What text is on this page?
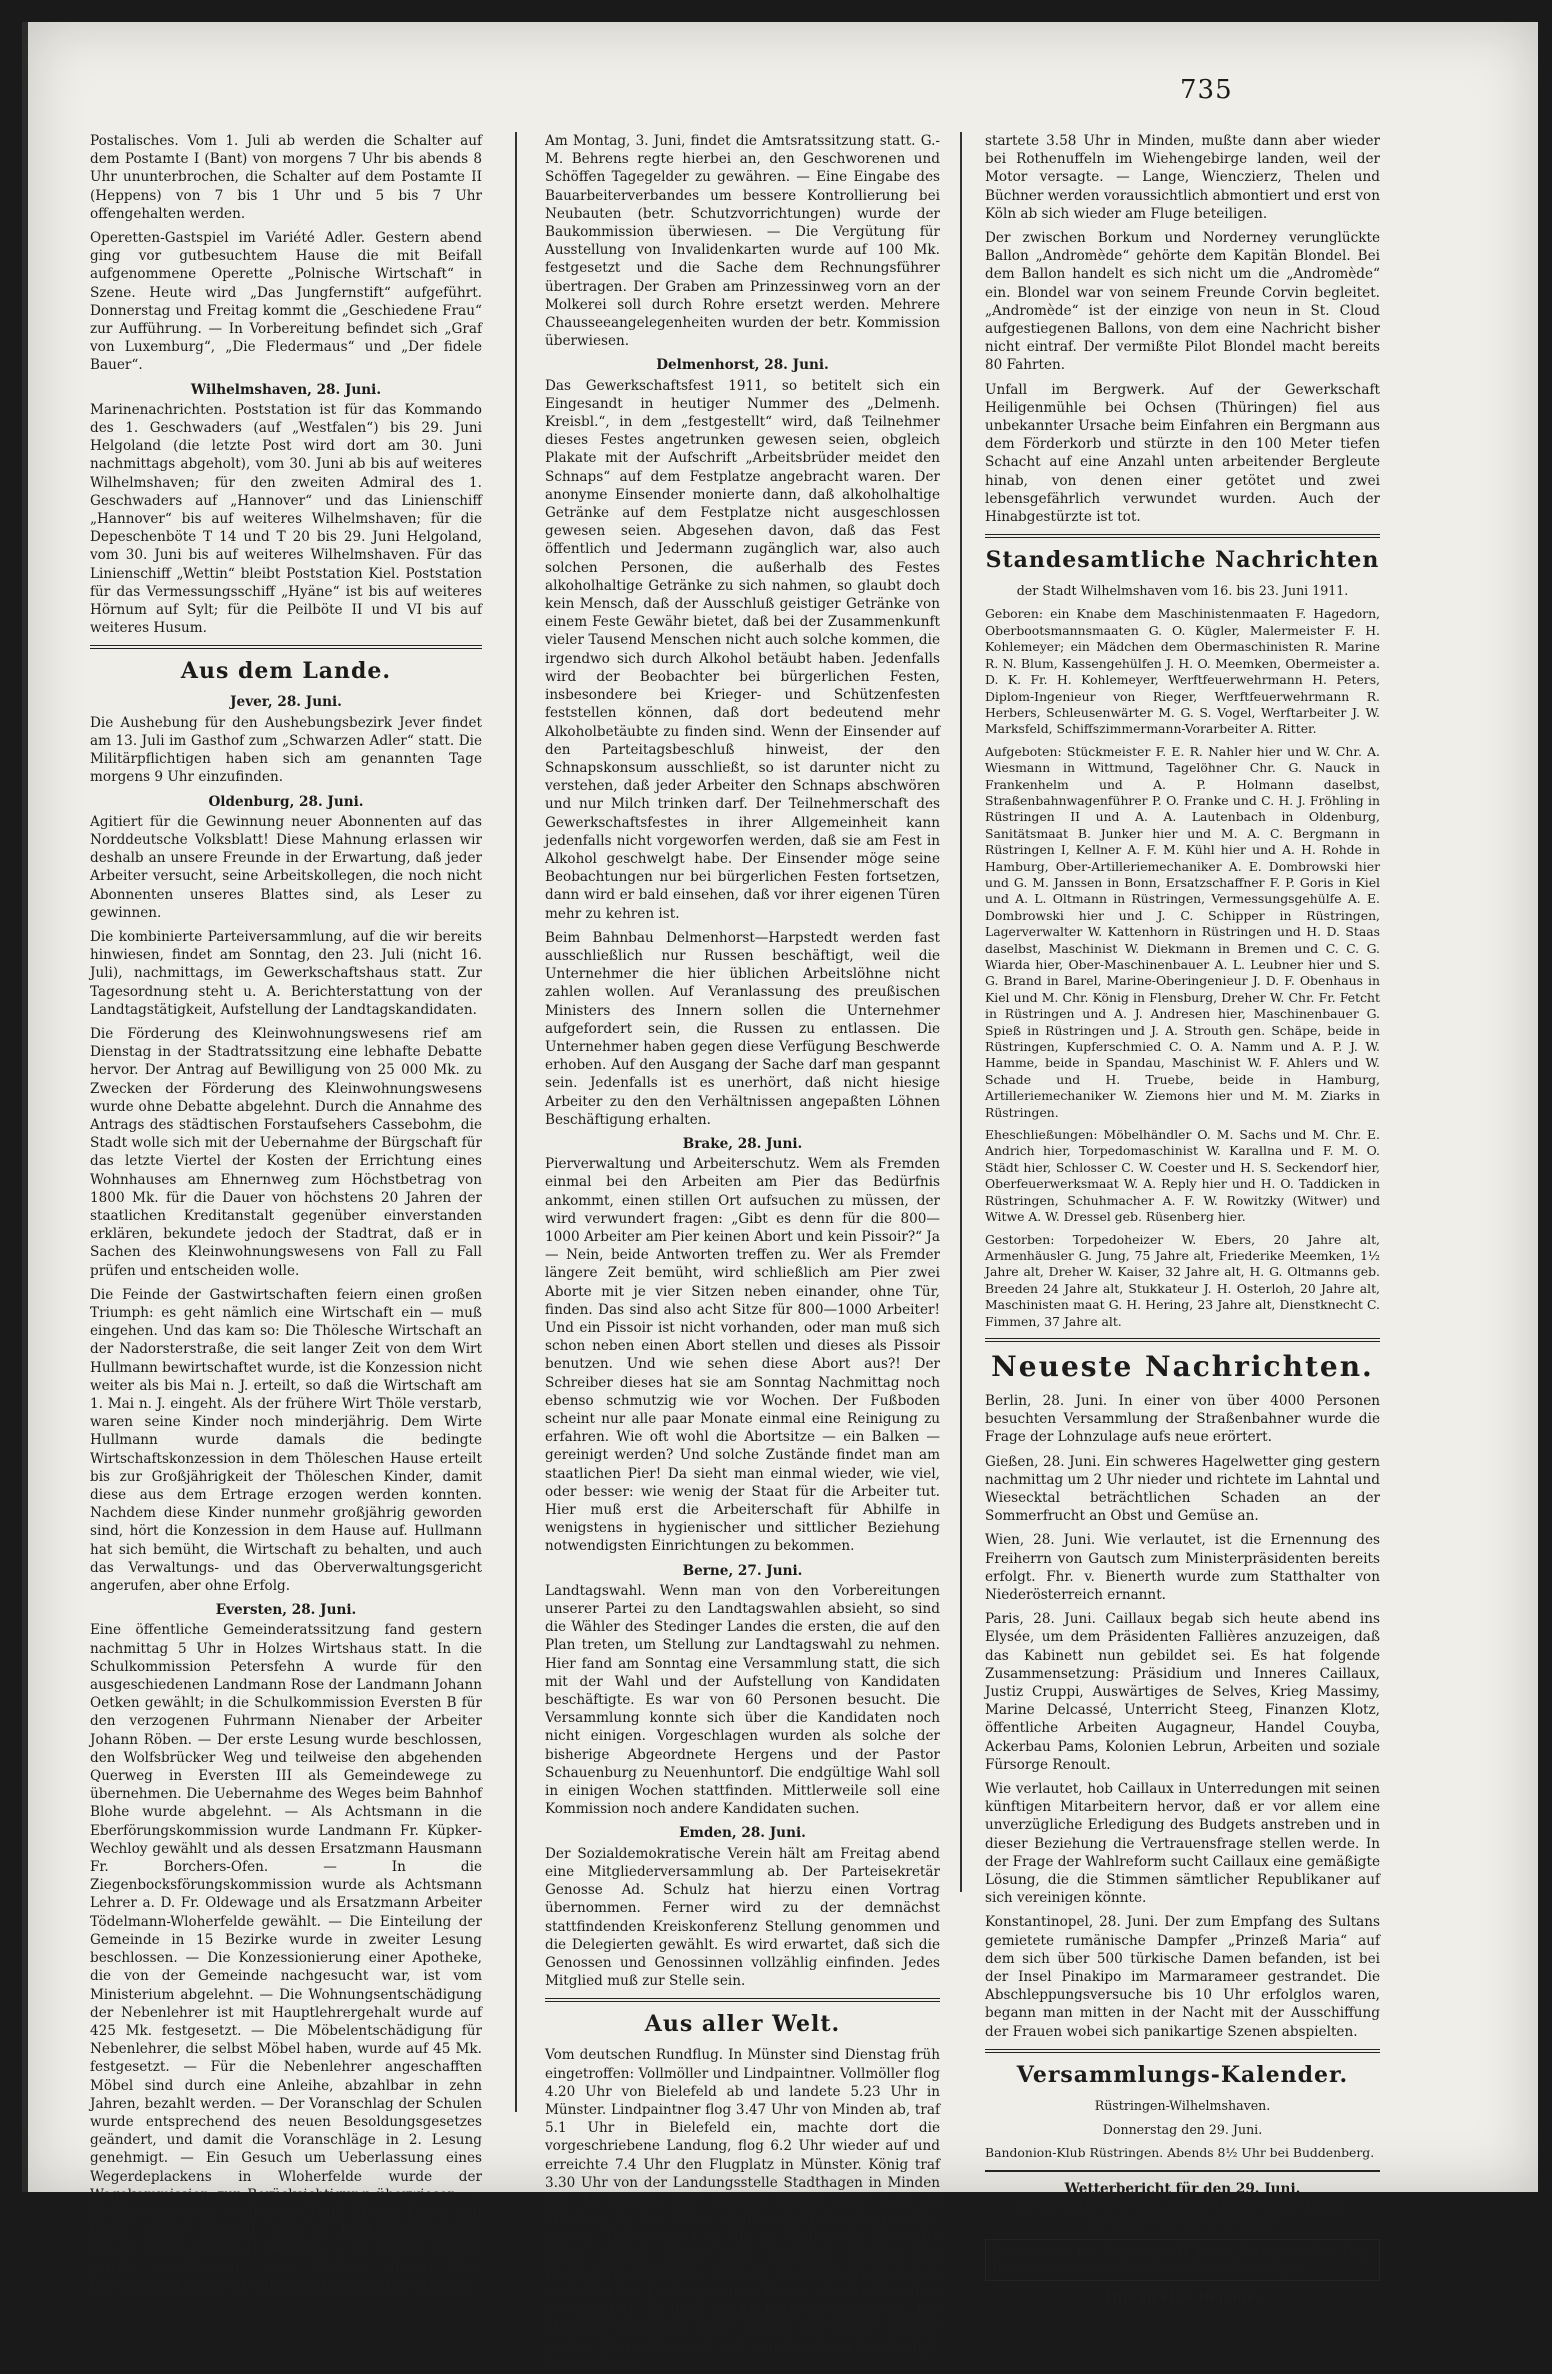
735

Postalisches. Vom 1. Juli ab werden die Schalter auf dem Postamte I (Bant) von morgens 7 Uhr bis abends 8 Uhr ununterbrochen, die Schalter auf dem Postamte II (Heppens) von 7 bis 1 Uhr und 5 bis 7 Uhr offengehalten werden.

Operetten-Gastspiel im Variété Adler. Gestern abend ging vor gutbesuchtem Hause die mit Beifall aufgenommene Operette „Polnische Wirtschaft“ in Szene. Heute wird „Das Jungfernstift“ aufgeführt. Donnerstag und Freitag kommt die „Geschiedene Frau“ zur Aufführung. — In Vorbereitung befindet sich „Graf von Luxemburg“, „Die Fledermaus“ und „Der fidele Bauer“.

Wilhelmshaven, 28. Juni.

Marinenachrichten. Poststation ist für das Kommando des 1. Geschwaders (auf „Westfalen“) bis 29. Juni Helgoland (die letzte Post wird dort am 30. Juni nachmittags abgeholt), vom 30. Juni ab bis auf weiteres Wilhelmshaven; für den zweiten Admiral des 1. Geschwaders auf „Hannover“ und das Linienschiff „Hannover“ bis auf weiteres Wilhelmshaven; für die Depeschenböte T 14 und T 20 bis 29. Juni Helgoland, vom 30. Juni bis auf weiteres Wilhelmshaven. Für das Linienschiff „Wettin“ bleibt Poststation Kiel. Poststation für das Vermessungsschiff „Hyäne“ ist bis auf weiteres Hörnum auf Sylt; für die Peilböte II und VI bis auf weiteres Husum.

Aus dem Lande.
Jever, 28. Juni.

Die Aushebung für den Aushebungsbezirk Jever findet am 13. Juli im Gasthof zum „Schwarzen Adler“ statt. Die Militärpflichtigen haben sich am genannten Tage morgens 9 Uhr einzufinden.

Oldenburg, 28. Juni.

Agitiert für die Gewinnung neuer Abonnenten auf das Norddeutsche Volksblatt! Diese Mahnung erlassen wir deshalb an unsere Freunde in der Erwartung, daß jeder Arbeiter versucht, seine Arbeitskollegen, die noch nicht Abonnenten unseres Blattes sind, als Leser zu gewinnen.

Die kombinierte Parteiversammlung, auf die wir bereits hinwiesen, findet am Sonntag, den 23. Juli (nicht 16. Juli), nachmittags, im Gewerkschaftshaus statt. Zur Tagesordnung steht u. A. Berichterstattung von der Landtagstätigkeit, Aufstellung der Landtagskandidaten.

Die Förderung des Kleinwohnungswesens rief am Dienstag in der Stadtratssitzung eine lebhafte Debatte hervor. Der Antrag auf Bewilligung von 25 000 Mk. zu Zwecken der Förderung des Kleinwohnungswesens wurde ohne Debatte abgelehnt. Durch die Annahme des Antrags des städtischen Forstaufsehers Cassebohm, die Stadt wolle sich mit der Uebernahme der Bürgschaft für das letzte Viertel der Kosten der Errichtung eines Wohnhauses am Ehnernweg zum Höchstbetrag von 1800 Mk. für die Dauer von höchstens 20 Jahren der staatlichen Kreditanstalt gegenüber einverstanden erklären, bekundete jedoch der Stadtrat, daß er in Sachen des Kleinwohnungswesens von Fall zu Fall prüfen und entscheiden wolle.

Die Feinde der Gastwirtschaften feiern einen großen Triumph: es geht nämlich eine Wirtschaft ein — muß eingehen. Und das kam so: Die Thölesche Wirtschaft an der Nadorsterstraße, die seit langer Zeit von dem Wirt Hullmann bewirtschaftet wurde, ist die Konzession nicht weiter als bis Mai n. J. erteilt, so daß die Wirtschaft am 1. Mai n. J. eingeht. Als der frühere Wirt Thöle verstarb, waren seine Kinder noch minderjährig. Dem Wirte Hullmann wurde damals die bedingte Wirtschaftskonzession in dem Thöleschen Hause erteilt bis zur Großjährigkeit der Thöleschen Kinder, damit diese aus dem Ertrage erzogen werden konnten. Nachdem diese Kinder nunmehr großjährig geworden sind, hört die Konzession in dem Hause auf. Hullmann hat sich bemüht, die Wirtschaft zu behalten, und auch das Verwaltungs- und das Oberverwaltungsgericht angerufen, aber ohne Erfolg.

Eversten, 28. Juni.

Eine öffentliche Gemeinderatssitzung fand gestern nachmittag 5 Uhr in Holzes Wirtshaus statt. In die Schulkommission Petersfehn A wurde für den ausgeschiedenen Landmann Rose der Landmann Johann Oetken gewählt; in die Schulkommission Eversten B für den verzogenen Fuhrmann Nienaber der Arbeiter Johann Röben. — Der erste Lesung wurde beschlossen, den Wolfsbrücker Weg und teilweise den abgehenden Querweg in Eversten III als Gemeindewege zu übernehmen. Die Uebernahme des Weges beim Bahnhof Blohe wurde abgelehnt. — Als Achtsmann in die Eberförungskommission wurde Landmann Fr. Küpker-Wechloy gewählt und als dessen Ersatzmann Hausmann Fr. Borchers-Ofen. — In die Ziegenbocksförungskommission wurde als Achtsmann Lehrer a. D. Fr. Oldewage und als Ersatzmann Arbeiter Tödelmann-Wloherfelde gewählt. — Die Einteilung der Gemeinde in 15 Bezirke wurde in zweiter Lesung beschlossen. — Die Konzessionierung einer Apotheke, die von der Gemeinde nachgesucht war, ist vom Ministerium abgelehnt. — Die Wohnungsentschädigung der Nebenlehrer ist mit Hauptlehrergehalt wurde auf 425 Mk. festgesetzt. — Die Möbelentschädigung für Nebenlehrer, die selbst Möbel haben, wurde auf 45 Mk. festgesetzt. — Für die Nebenlehrer angeschafften Möbel sind durch eine Anleihe, abzahlbar in zehn Jahren, bezahlt werden. — Der Voranschlag der Schulen wurde entsprechend des neuen Besoldungsgesetzes geändert, und damit die Voranschläge in 2. Lesung genehmigt. — Ein Gesuch um Ueberlassung eines Wegerdeplackens in Wloherfelde wurde der Wegekommission zur Berücksichtigung überwiesen. — Zu Kassenprüfern wurden die Mitgl. Herm. Kaiser und Diedr. Meyer gewählt, und zu Rechnungsrevisoren Johann Helms und Carl Behrens. — In zweiter Lesung wurde beschlossen, den Graben durch Neu-Friedrichsfehn zum öffentlichen Wasserzug zu erheben.

Am Montag, 3. Juni, findet die Amtsratssitzung statt. G.-M. Behrens regte hierbei an, den Geschworenen und Schöffen Tagegelder zu gewähren. — Eine Eingabe des Bauarbeiterverbandes um bessere Kontrollierung bei Neubauten (betr. Schutzvorrichtungen) wurde der Baukommission überwiesen. — Die Vergütung für Ausstellung von Invalidenkarten wurde auf 100 Mk. festgesetzt und die Sache dem Rechnungsführer übertragen. Der Graben am Prinzessinweg vorn an der Molkerei soll durch Rohre ersetzt werden. Mehrere Chausseeangelegenheiten wurden der betr. Kommission überwiesen.

Delmenhorst, 28. Juni.

Das Gewerkschaftsfest 1911, so betitelt sich ein Eingesandt in heutiger Nummer des „Delmenh. Kreisbl.“, in dem „festgestellt“ wird, daß Teilnehmer dieses Festes angetrunken gewesen seien, obgleich Plakate mit der Aufschrift „Arbeitsbrüder meidet den Schnaps“ auf dem Festplatze angebracht waren. Der anonyme Einsender monierte dann, daß alkoholhaltige Getränke auf dem Festplatze nicht ausgeschlossen gewesen seien. Abgesehen davon, daß das Fest öffentlich und Jedermann zugänglich war, also auch solchen Personen, die außerhalb des Festes alkoholhaltige Getränke zu sich nahmen, so glaubt doch kein Mensch, daß der Ausschluß geistiger Getränke von einem Feste Gewähr bietet, daß bei der Zusammenkunft vieler Tausend Menschen nicht auch solche kommen, die irgendwo sich durch Alkohol betäubt haben. Jedenfalls wird der Beobachter bei bürgerlichen Festen, insbesondere bei Krieger- und Schützenfesten feststellen können, daß dort bedeutend mehr Alkoholbetäubte zu finden sind. Wenn der Einsender auf den Parteitagsbeschluß hinweist, der den Schnapskonsum ausschließt, so ist darunter nicht zu verstehen, daß jeder Arbeiter den Schnaps abschwören und nur Milch trinken darf. Der Teilnehmerschaft des Gewerkschaftsfestes in ihrer Allgemeinheit kann jedenfalls nicht vorgeworfen werden, daß sie am Fest in Alkohol geschwelgt habe. Der Einsender möge seine Beobachtungen nur bei bürgerlichen Festen fortsetzen, dann wird er bald einsehen, daß vor ihrer eigenen Türen mehr zu kehren ist.

Beim Bahnbau Delmenhorst—Harpstedt werden fast ausschließlich nur Russen beschäftigt, weil die Unternehmer die hier üblichen Arbeitslöhne nicht zahlen wollen. Auf Veranlassung des preußischen Ministers des Innern sollen die Unternehmer aufgefordert sein, die Russen zu entlassen. Die Unternehmer haben gegen diese Verfügung Beschwerde erhoben. Auf den Ausgang der Sache darf man gespannt sein. Jedenfalls ist es unerhört, daß nicht hiesige Arbeiter zu den den Verhältnissen angepaßten Löhnen Beschäftigung erhalten.

Brake, 28. Juni.

Pierverwaltung und Arbeiterschutz. Wem als Fremden einmal bei den Arbeiten am Pier das Bedürfnis ankommt, einen stillen Ort aufsuchen zu müssen, der wird verwundert fragen: „Gibt es denn für die 800—1000 Arbeiter am Pier keinen Abort und kein Pissoir?“ Ja — Nein, beide Antworten treffen zu. Wer als Fremder längere Zeit bemüht, wird schließlich am Pier zwei Aborte mit je vier Sitzen neben einander, ohne Tür, finden. Das sind also acht Sitze für 800—1000 Arbeiter! Und ein Pissoir ist nicht vorhanden, oder man muß sich schon neben einen Abort stellen und dieses als Pissoir benutzen. Und wie sehen diese Abort aus?! Der Schreiber dieses hat sie am Sonntag Nachmittag noch ebenso schmutzig wie vor Wochen. Der Fußboden scheint nur alle paar Monate einmal eine Reinigung zu erfahren. Wie oft wohl die Abortsitze — ein Balken — gereinigt werden? Und solche Zustände findet man am staatlichen Pier! Da sieht man einmal wieder, wie viel, oder besser: wie wenig der Staat für die Arbeiter tut. Hier muß erst die Arbeiterschaft für Abhilfe in wenigstens in hygienischer und sittlicher Beziehung notwendigsten Einrichtungen zu bekommen.

Berne, 27. Juni.

Landtagswahl. Wenn man von den Vorbereitungen unserer Partei zu den Landtagswahlen absieht, so sind die Wähler des Stedinger Landes die ersten, die auf den Plan treten, um Stellung zur Landtagswahl zu nehmen. Hier fand am Sonntag eine Versammlung statt, die sich mit der Wahl und der Aufstellung von Kandidaten beschäftigte. Es war von 60 Personen besucht. Die Versammlung konnte sich über die Kandidaten noch nicht einigen. Vorgeschlagen wurden als solche der bisherige Abgeordnete Hergens und der Pastor Schauenburg zu Neuenhuntorf. Die endgültige Wahl soll in einigen Wochen stattfinden. Mittlerweile soll eine Kommission noch andere Kandidaten suchen.

Emden, 28. Juni.

Der Sozialdemokratische Verein hält am Freitag abend eine Mitgliederversammlung ab. Der Parteisekretär Genosse Ad. Schulz hat hierzu einen Vortrag übernommen. Ferner wird zu der demnächst stattfindenden Kreiskonferenz Stellung genommen und die Delegierten gewählt. Es wird erwartet, daß sich die Genossen und Genossinnen vollzählig einfinden. Jedes Mitglied muß zur Stelle sein.

Aus aller Welt.

Vom deutschen Rundflug. In Münster sind Dienstag früh eingetroffen: Vollmöller und Lindpaintner. Vollmöller flog 4.20 Uhr von Bielefeld ab und landete 5.23 Uhr in Münster. Lindpaintner flog 3.47 Uhr von Minden ab, traf 5.1 Uhr in Bielefeld ein, machte dort die vorgeschriebene Landung, flog 6.2 Uhr wieder auf und erreichte 7.4 Uhr den Flugplatz in Münster. König traf 3.30 Uhr von der Landungsstelle Stadthagen in Minden ein. Er verließ 3.57 Minden, kehrte aber nach 20 Minuten, da der Motor nicht ordentlich gehen wollte, zurück. Thelen traf 4.34 Uhr in Minden ein. Er wollte sofort weiter, mußte aber zwischen Minden und Bielefeld niedergehen, weil der Motor plötzlich stehen blieb. Bei der Landung wurde Thelen aus der Maschine geschleudert. Er blieb glücklicherweise unverletzt. Die Maschine lief noch ohne Thelen eine kurze Strecke weiter, überschlug sich und wurde schwer beschädigt. Schauenburg

startete 3.58 Uhr in Minden, mußte dann aber wieder bei Rothenuffeln im Wiehengebirge landen, weil der Motor versagte. — Lange, Wienczierz, Thelen und Büchner werden voraussichtlich abmontiert und erst von Köln ab sich wieder am Fluge beteiligen.

Der zwischen Borkum und Norderney verunglückte Ballon „Andromède“ gehörte dem Kapitän Blondel. Bei dem Ballon handelt es sich nicht um die „Andromède“ ein. Blondel war von seinem Freunde Corvin begleitet. „Andromède“ ist der einzige von neun in St. Cloud aufgestiegenen Ballons, von dem eine Nachricht bisher nicht eintraf. Der vermißte Pilot Blondel macht bereits 80 Fahrten.

Unfall im Bergwerk. Auf der Gewerkschaft Heiligenmühle bei Ochsen (Thüringen) fiel aus unbekannter Ursache beim Einfahren ein Bergmann aus dem Förderkorb und stürzte in den 100 Meter tiefen Schacht auf eine Anzahl unten arbeitender Bergleute hinab, von denen einer getötet und zwei lebensgefährlich verwundet wurden. Auch der Hinabgestürzte ist tot.

Standesamtliche Nachrichten
der Stadt Wilhelmshaven vom 16. bis 23. Juni 1911.

Geboren: ein Knabe dem Maschinistenmaaten F. Hagedorn, Oberbootsmannsmaaten G. O. Kügler, Malermeister F. H. Kohlemeyer; ein Mädchen dem Obermaschinisten R. Marine R. N. Blum, Kassengehülfen J. H. O. Meemken, Obermeister a. D. K. Fr. H. Kohlemeyer, Werftfeuerwehrmann H. Peters, Diplom-Ingenieur von Rieger, Werftfeuerwehrmann R. Herbers, Schleusenwärter M. G. S. Vogel, Werftarbeiter J. W. Marksfeld, Schiffszimmermann-Vorarbeiter A. Ritter.

Aufgeboten: Stückmeister F. E. R. Nahler hier und W. Chr. A. Wiesmann in Wittmund, Tagelöhner Chr. G. Nauck in Frankenhelm und A. P. Holmann daselbst, Straßenbahnwagenführer P. O. Franke und C. H. J. Fröhling in Rüstringen II und A. A. Lautenbach in Oldenburg, Sanitätsmaat B. Junker hier und M. A. C. Bergmann in Rüstringen I, Kellner A. F. M. Kühl hier und A. H. Rohde in Hamburg, Ober-Artilleriemechaniker A. E. Dombrowski hier und G. M. Janssen in Bonn, Ersatzschaffner F. P. Goris in Kiel und A. L. Oltmann in Rüstringen, Vermessungsgehülfe A. E. Dombrowski hier und J. C. Schipper in Rüstringen, Lagerverwalter W. Kattenhorn in Rüstringen und H. D. Staas daselbst, Maschinist W. Diekmann in Bremen und C. C. G. Wiarda hier, Ober-Maschinenbauer A. L. Leubner hier und S. G. Brand in Barel, Marine-Oberingenieur J. D. F. Obenhaus in Kiel und M. Chr. König in Flensburg, Dreher W. Chr. Fr. Fetcht in Rüstringen und A. J. Andresen hier, Maschinenbauer G. Spieß in Rüstringen und J. A. Strouth gen. Schäpe, beide in Rüstringen, Kupferschmied C. O. A. Namm und A. P. J. W. Hamme, beide in Spandau, Maschinist W. F. Ahlers und W. Schade und H. Truebe, beide in Hamburg, Artilleriemechaniker W. Ziemons hier und M. M. Ziarks in Rüstringen.

Eheschließungen: Möbelhändler O. M. Sachs und M. Chr. E. Andrich hier, Torpedomaschinist W. Karallna und F. M. O. Städt hier, Schlosser C. W. Coester und H. S. Seckendorf hier, Oberfeuerwerksmaat W. A. Reply hier und H. O. Taddicken in Rüstringen, Schuhmacher A. F. W. Rowitzky (Witwer) und Witwe A. W. Dressel geb. Rüsenberg hier.

Gestorben: Torpedoheizer W. Ebers, 20 Jahre alt, Armenhäusler G. Jung, 75 Jahre alt, Friederike Meemken, 1½ Jahre alt, Dreher W. Kaiser, 32 Jahre alt, H. G. Oltmanns geb. Breeden 24 Jahre alt, Stukkateur J. H. Osterloh, 20 Jahre alt, Maschinisten maat G. H. Hering, 23 Jahre alt, Dienstknecht C. Fimmen, 37 Jahre alt.

Neueste Nachrichten.

Berlin, 28. Juni. In einer von über 4000 Personen besuchten Versammlung der Straßenbahner wurde die Frage der Lohnzulage aufs neue erörtert.

Gießen, 28. Juni. Ein schweres Hagelwetter ging gestern nachmittag um 2 Uhr nieder und richtete im Lahntal und Wiesecktal beträchtlichen Schaden an der Sommerfrucht an Obst und Gemüse an.

Wien, 28. Juni. Wie verlautet, ist die Ernennung des Freiherrn von Gautsch zum Ministerpräsidenten bereits erfolgt. Fhr. v. Bienerth wurde zum Statthalter von Niederösterreich ernannt.

Paris, 28. Juni. Caillaux begab sich heute abend ins Elysée, um dem Präsidenten Fallières anzuzeigen, daß das Kabinett nun gebildet sei. Es hat folgende Zusammensetzung: Präsidium und Inneres Caillaux, Justiz Cruppi, Auswärtiges de Selves, Krieg Massimy, Marine Delcassé, Unterricht Steeg, Finanzen Klotz, öffentliche Arbeiten Augagneur, Handel Couyba, Ackerbau Pams, Kolonien Lebrun, Arbeiten und soziale Fürsorge Renoult.

Wie verlautet, hob Caillaux in Unterredungen mit seinen künftigen Mitarbeitern hervor, daß er vor allem eine unverzügliche Erledigung des Budgets anstreben und in dieser Beziehung die Vertrauensfrage stellen werde. In der Frage der Wahlreform sucht Caillaux eine gemäßigte Lösung, die die Stimmen sämtlicher Republikaner auf sich vereinigen könnte.

Konstantinopel, 28. Juni. Der zum Empfang des Sultans gemietete rumänische Dampfer „Prinzeß Maria“ auf dem sich über 500 türkische Damen befanden, ist bei der Insel Pinakipo im Marmarameer gestrandet. Die Abschleppungsversuche bis 10 Uhr erfolglos waren, begann man mitten in der Nacht mit der Ausschiffung der Frauen wobei sich panikartige Szenen abspielten.

Versammlungs-Kalender.
Rüstringen-Wilhelmshaven.
Donnerstag den 29. Juni.

Bandonion-Klub Rüstringen. Abends 8½ Uhr bei Buddenberg.

Wetterbericht für den 29. Juni.

Etwas wärmer, wolkig, lebhafte meist südwestliche, vereinzelte leichte Regenfälle.

Verantwortlicher Redakteur: H. Jacob, Verlag von Paul Hug, Rotationsdruck von Paul Hug & Co. in Rüstringen.
Hierzu eine Beilage.
